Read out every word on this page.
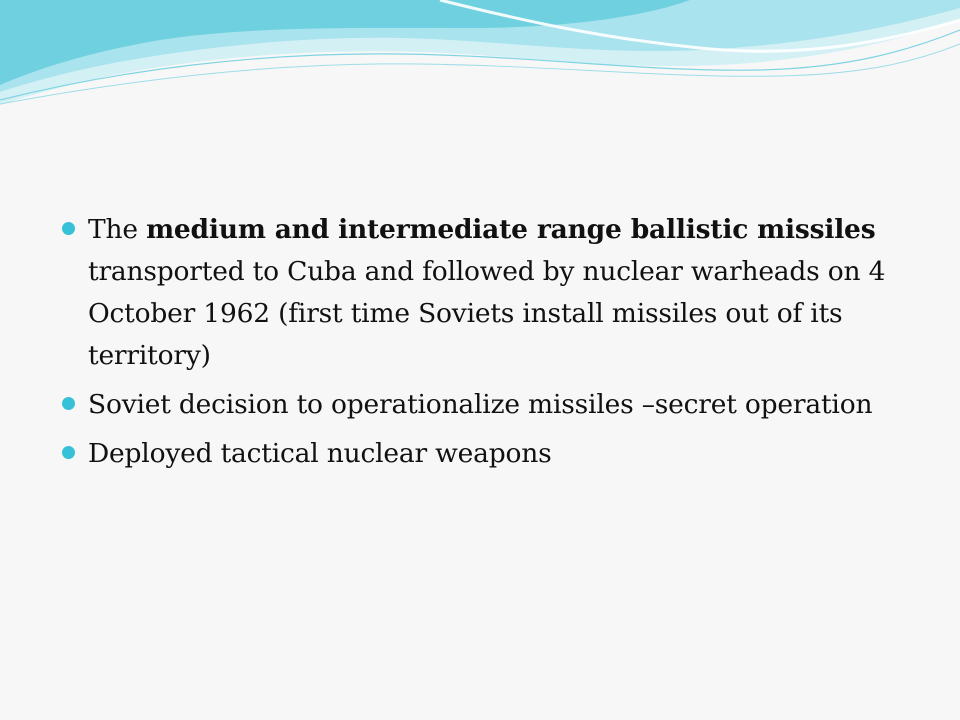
The medium and intermediate range ballistic missiles transported to Cuba and followed by nuclear warheads on 4 October 1962 (first time Soviets install missiles out of its territory)
Soviet decision to operationalize missiles –secret operation
Deployed tactical nuclear weapons
